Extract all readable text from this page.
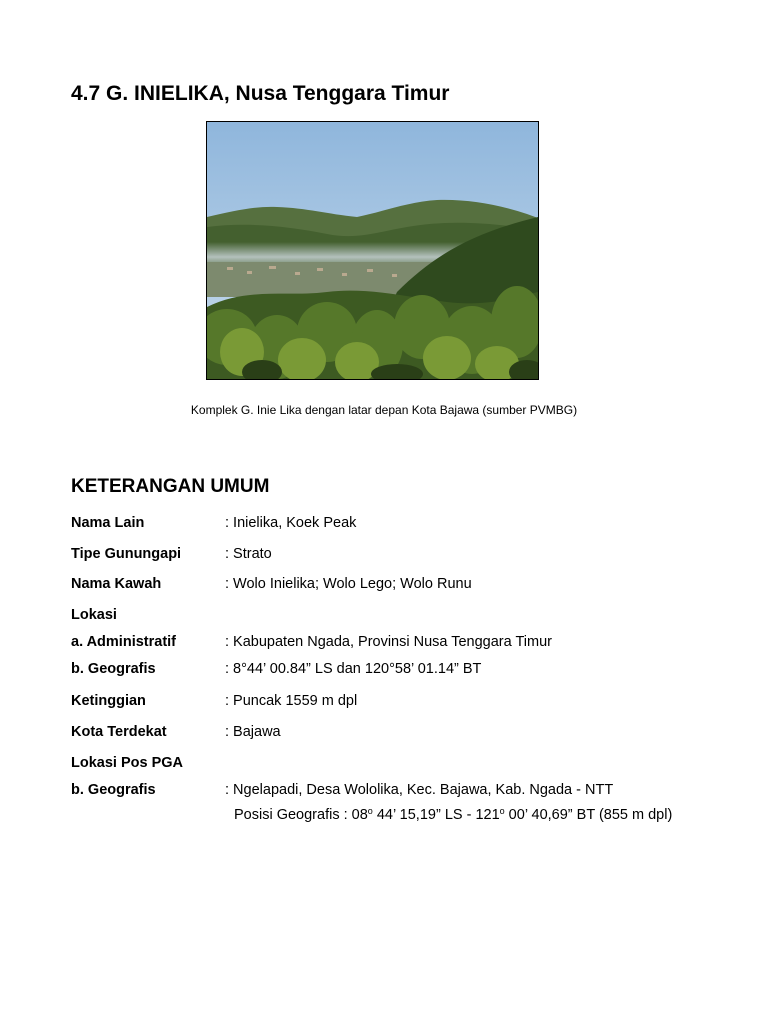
4.7 G. INIELIKA, Nusa Tenggara Timur
Komplek G. Inie Lika dengan latar depan Kota Bajawa (sumber PVMBG)
KETERANGAN UMUM
Nama Lain	: Inielika, Koek Peak
Tipe Gunungapi	: Strato
Nama Kawah	: Wolo Inielika; Wolo Lego; Wolo Runu
Lokasi
a. Administratif	: Kabupaten Ngada, Provinsi Nusa Tenggara Timur
b. Geografis	: 8°44’ 00.84” LS dan 120°58’ 01.14” BT
Ketinggian	: Puncak 1559 m dpl
Kota Terdekat	: Bajawa
Lokasi Pos PGA
b. Geografis	: Ngelapadi, Desa Wololika, Kec. Bajawa, Kab. Ngada - NTT
Posisi Geografis : 08$^o$ 44’ 15,19” LS - 121$^o$ 00’ 40,69” BT (855 m dpl)
